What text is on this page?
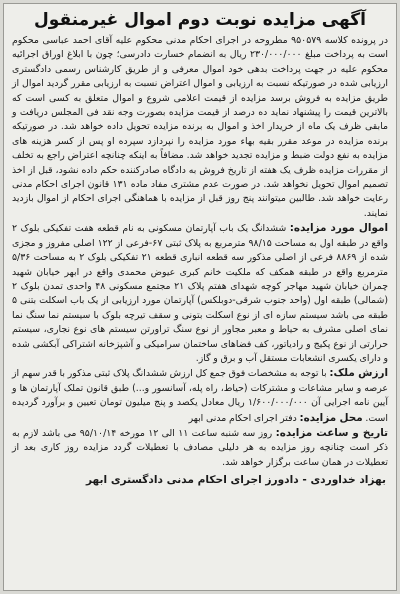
آگهی مزایده نوبت دوم اموال غیرمنقول

در پرونده کلاسه ۹۵۰۵۷۹ مطروحه در اجرای احکام مدنی محکوم علیه آقای احمد عباسی محکوم است به پرداخت مبلغ ۲۳۰/۰۰۰/۰۰۰ ریال به انضمام خسارت دادرسی؛ چون با ابلاغ اوراق اجرائیه محکوم علیه در جهت پرداخت بدهی خود اموال معرفی و از طریق کارشناس رسمی دادگستری ارزیابی شده در صورتیکه نسبت به ارزیابی و اموال اعتراض نسبت به ارزیابی مقرر گردید اموال از طریق مزایده به فروش برسد مزایده از قیمت اعلامی شروع و اموال متعلق به کسی است که بالاترین قیمت را پیشنهاد نماید ده درصد از قیمت مزایده بصورت وجه نقد فی المجلس دریافت و مابقی ظرف یک ماه از خریدار اخذ و اموال به برنده مزایده تحویل داده خواهد شد. در صورتیکه برنده مزایده در موعد مقرر بقیه بهاء مورد مزایده را نپردازد سپرده او پس از کسر هزینه های مزایده به نفع دولت ضبط و مزایده تجدید خواهد شد. مضافاً به اینکه چنانچه اعتراض راجع به تخلف از مقررات مزایده ظرف یک هفته از تاریخ فروش به دادگاه صادرکننده حکم داده نشود، قبل از اخذ تصمیم اموال تحویل نخواهد شد. در صورت عدم مشتری مفاد ماده ۱۳۱ قانون اجرای احکام مدنی رعایت خواهد شد. طالبین میتوانند پنج روز قبل از مزایده با هماهنگی اجرای احکام از اموال بازدید نمایند.

اموال مورد مزایده: ششدانگ یک باب آپارتمان مسکونی به نام قطعه هفت تفکیکی بلوک ۲ واقع در طبقه اول به مساحت ۹۸/۱۵ مترمربع به پلاک ثبتی ۶۷-فرعی از ۱۲۲ اصلی مفروز و مجزی شده از ۸۸۶۹ فرعی از اصلی مذکور سه قطعه انباری قطعه ۲۱ تفکیکی بلوک ۲ به مساحت ۵/۳۶ مترمربع واقع در طبقه همکف که ملکیت خانم کبری عیوض محمدی واقع در ابهر خیابان شهید چمران خیابان شهید مهاجر کوچه شهدای هفتم پلاک ۲۱ مجتمع مسکونی ۴۸ واحدی تمدن بلوک ۲ (شمالی) طبقه اول (واحد جنوب شرقی-دوبلکس) آپارتمان مورد ارزیابی از یک باب اسکلت بتنی ۵ طبقه می باشد سیستم سازه ای از نوع اسکلت بتونی و سقف تیرچه بلوک با سیستم نما سنگ نما نمای اصلی مشرف به حیاط و معبر مجاور از نوع سنگ تراورتن سیستم های نوع نجاری، سیستم حرارتی از نوع پکیج و رادیاتور، کف فضاهای ساختمان سرامیکی و آشپزخانه اشتراکی آبکشی شده و دارای یکسری انشعابات مستقل آب و برق و گاز.

ارزش ملک: با توجه به مشخصات فوق جمع کل ارزش ششدانگ پلاک ثبتی مذکور با قدر سهم از عرصه و سایر مشاعات و مشترکات (حیاط، راه پله، آسانسور و...) طبق قانون تملک آپارتمان ها و آیین نامه اجرایی آن ۱/۶۰۰/۰۰۰/۰۰۰ ریال معادل یکصد و پنج میلیون تومان تعیین و برآورد گردیده است. محل مزایده: دفتر اجرای احکام مدنی ابهر

تاریخ و ساعت مزایده: روز سه شنبه ساعت ۱۱ الی ۱۲ مورخه ۹۵/۱۰/۱۴ می باشد لازم به ذکر است چنانچه روز مزایده به هر دلیلی مصادف با تعطیلات گردد مزایده روز کاری بعد از تعطیلات در همان ساعت برگزار خواهد شد.

بهزاد خداوردی - دادورز اجرای احکام مدنی دادگستری ابهر
